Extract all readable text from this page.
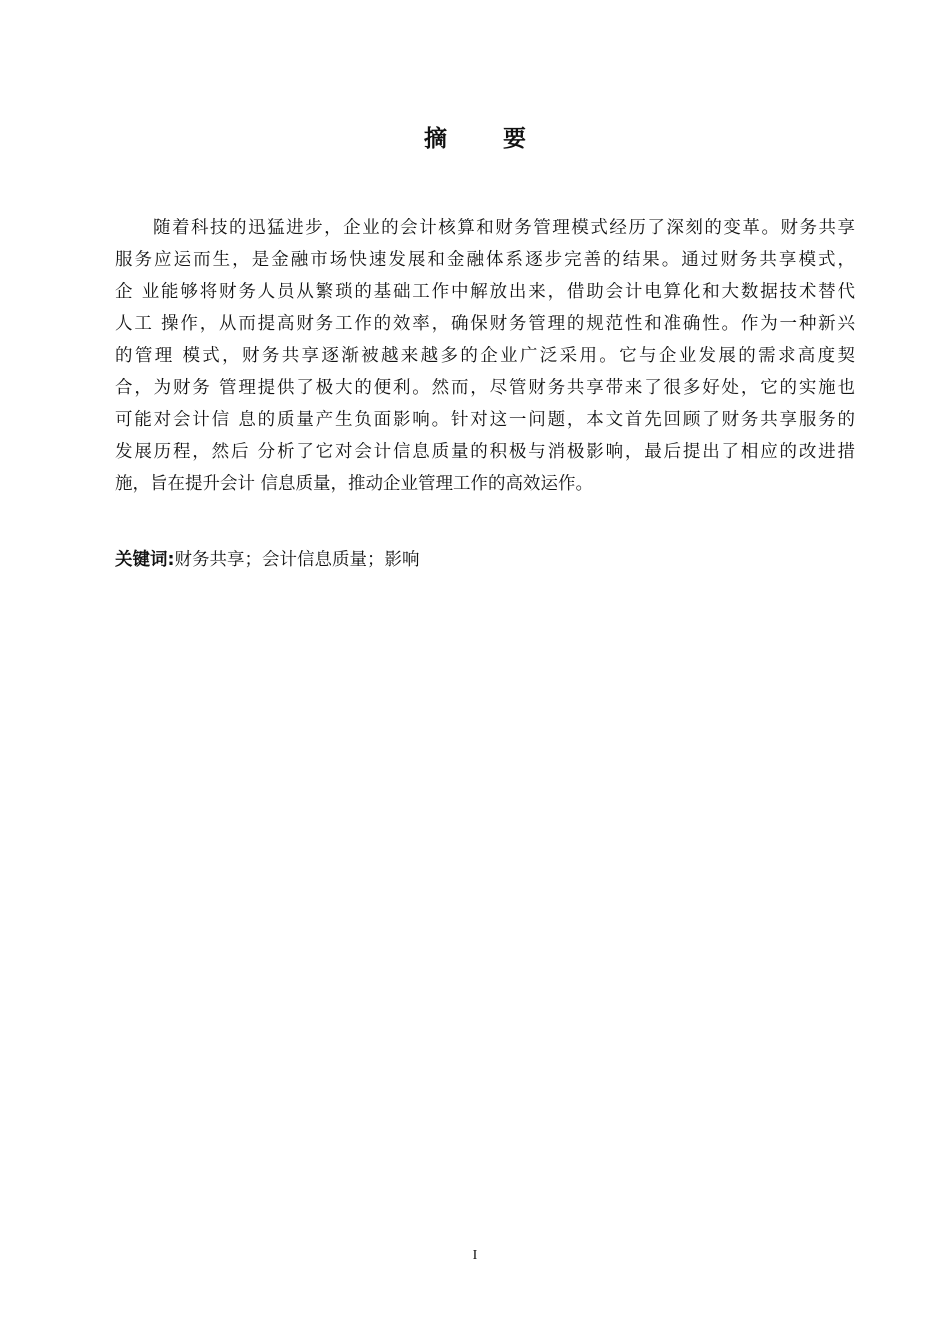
摘 要
随着科技的迅猛进步，企业的会计核算和财务管理模式经历了深刻的变革。财务共享
服务应运而生，是金融市场快速发展和金融体系逐步完善的结果。通过财务共享模式，
企 业能够将财务人员从繁琐的基础工作中解放出来，借助会计电算化和大数据技术替代
人工 操作，从而提高财务工作的效率，确保财务管理的规范性和准确性。作为一种新兴
的管理 模式，财务共享逐渐被越来越多的企业广泛采用。它与企业发展的需求高度契
合，为财务 管理提供了极大的便利。然而，尽管财务共享带来了很多好处，它的实施也
可能对会计信 息的质量产生负面影响。针对这一问题，本文首先回顾了财务共享服务的
发展历程，然后 分析了它对会计信息质量的积极与消极影响，最后提出了相应的改进措
施，旨在提升会计 信息质量，推动企业管理工作的高效运作。
关键词:财务共享；会计信息质量；影响
I
